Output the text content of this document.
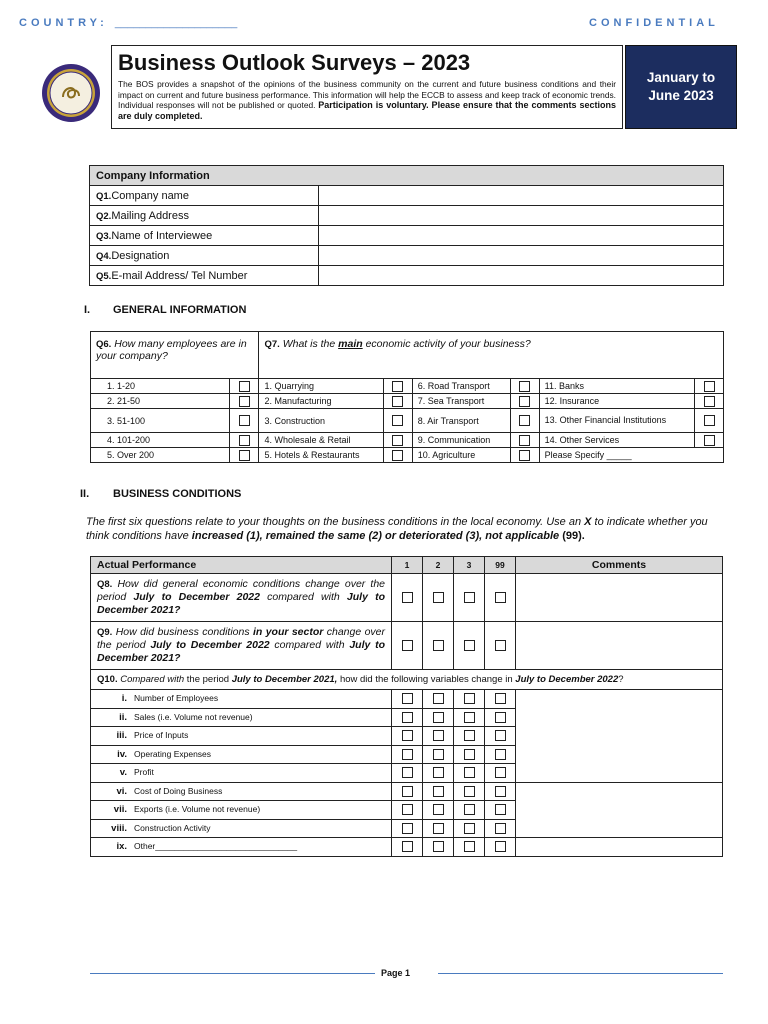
COUNTRY: ____________________	CONFIDENTIAL
Business Outlook Surveys – 2023

The BOS provides a snapshot of the opinions of the business community on the current and future business conditions and their impact on current and future business performance. This information will help the ECCB to assess and keep track of economic trends. Individual responses will not be published or quoted. Participation is voluntary. Please ensure that the comments sections are duly completed.

January to
June 2023
Company Information	
Q1.Company name	
Q2.Mailing Address	
Q3.Name of Interviewee	
Q4.Designation	
Q5.E-mail Address/ Tel Number	
I. GENERAL INFORMATION
Q6. How many employees are in your company?		Q7. What is the main economic activity of your business?					
1. 1-20		1. Quarrying		6. Road Transport		11. Banks	
2. 21-50		2. Manufacturing		7. Sea Transport		12. Insurance	
3. 51-100		3. Construction		8. Air Transport		13. Other Financial Institutions	
4. 101-200		4. Wholesale & Retail		9. Communication		14. Other Services	
5. Over 200		5. Hotels & Restaurants		10. Agriculture		Please Specify _____	
II. BUSINESS CONDITIONS
The first six questions relate to your thoughts on the business conditions in the local economy. Use an X to indicate whether you think conditions have increased (1), remained the same (2) or deteriorated (3), not applicable (99).
Actual Performance	1	2	3	99	Comments
Q8. How did general economic conditions change over the period July to December 2022 compared with July to December 2021?					
Q9. How did business conditions in your sector change over the period July to December 2022 compared with July to December 2021?					
Q10. Compared with the period July to December 2021, how did the following variables change in July to December 2022?					
i. Number of Employees					
ii. Sales (i.e. Volume not revenue)					
iii. Price of Inputs					
iv. Operating Expenses					
v. Profit					
vi. Cost of Doing Business					
vii. Exports (i.e. Volume not revenue)					
viii. Construction Activity					
ix. Other______________________________					
Page 1
